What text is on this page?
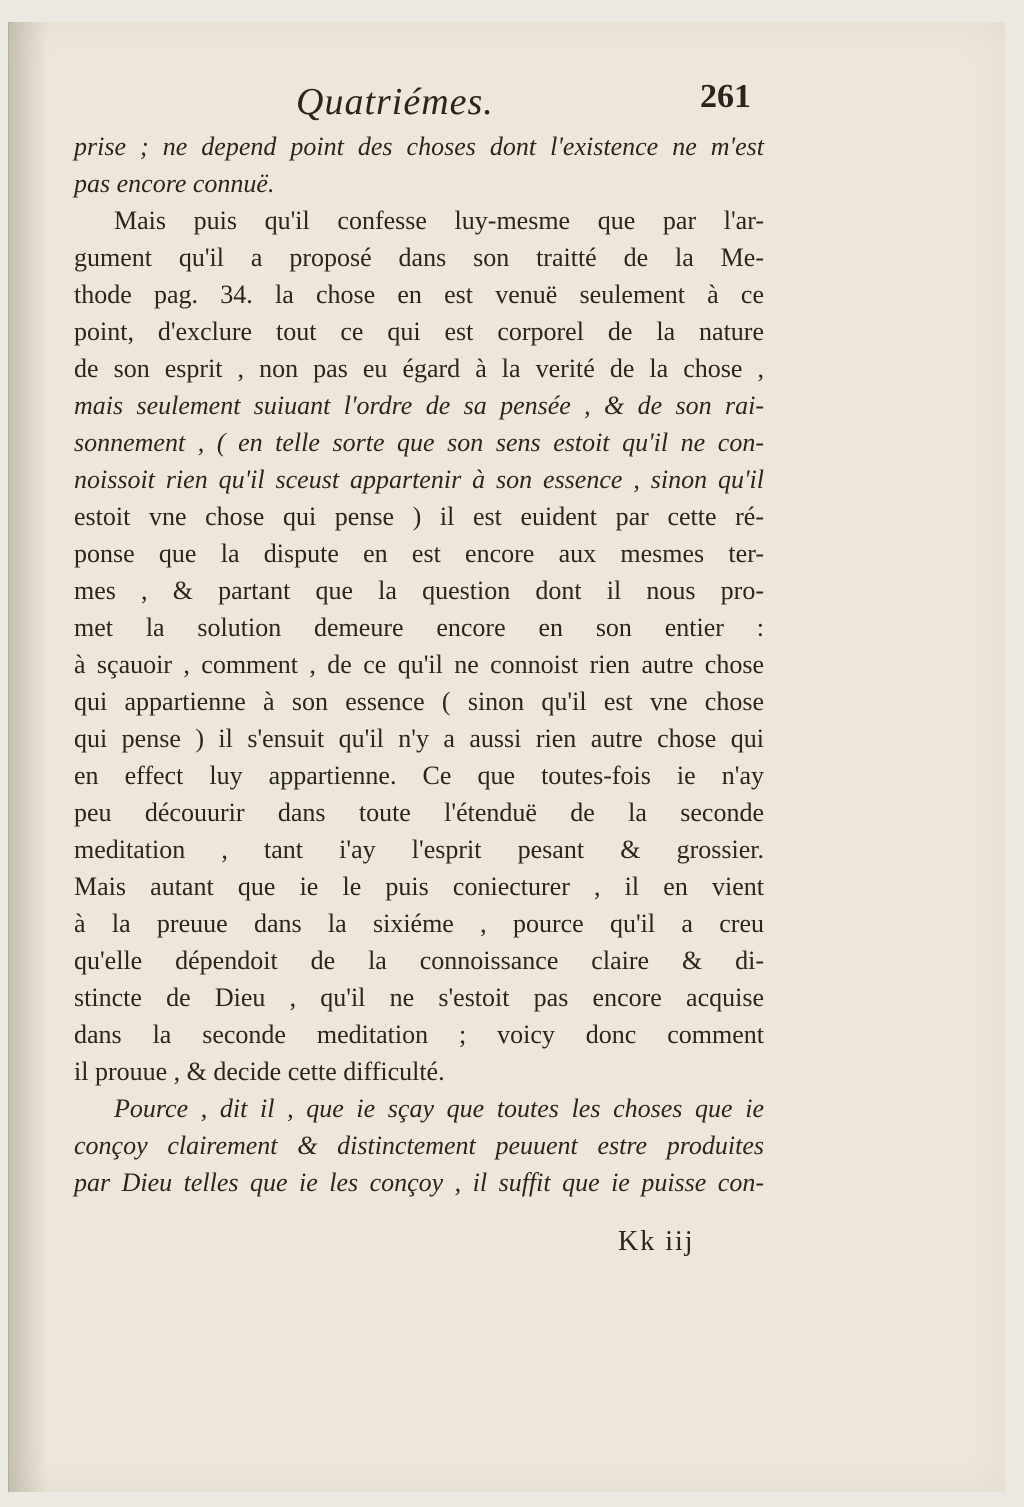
Quatriémes.	261
prise ; ne depend point des choses dont l'existence ne m'est
pas encore connuë.
Mais puis qu'il confesse luy-mesme que par l'ar-
gument qu'il a proposé dans son traitté de la Me-
thode pag. 34. la chose en est venuë seulement à ce
point, d'exclure tout ce qui est corporel de la nature
de son esprit , non pas eu égard à la verité de la chose ,
mais seulement suiuant l'ordre de sa pensée , & de son rai-
sonnement , ( en telle sorte que son sens estoit qu'il ne con-
noissoit rien qu'il sceust appartenir à son essence , sinon qu'il
estoit vne chose qui pense ) il est euident par cette ré-
ponse que la dispute en est encore aux mesmes ter-
mes , & partant que la question dont il nous pro-
met la solution demeure encore en son entier :
à sçauoir , comment , de ce qu'il ne connoist rien autre chose
qui appartienne à son essence ( sinon qu'il est vne chose
qui pense ) il s'ensuit qu'il n'y a aussi rien autre chose qui
en effect luy appartienne. Ce que toutes-fois ie n'ay
peu découurir dans toute l'étenduë de la seconde
meditation , tant i'ay l'esprit pesant & grossier.
Mais autant que ie le puis coniecturer , il en vient
à la preuue dans la sixiéme , pource qu'il a creu
qu'elle dépendoit de la connoissance claire & di-
stincte de Dieu , qu'il ne s'estoit pas encore acquise
dans la seconde meditation ; voicy donc comment
il prouue , & decide cette difficulté.
Pource , dit il , que ie sçay que toutes les choses que ie
conçoy clairement & distinctement peuuent estre produites
par Dieu telles que ie les conçoy , il suffit que ie puisse con-
Kk iij
